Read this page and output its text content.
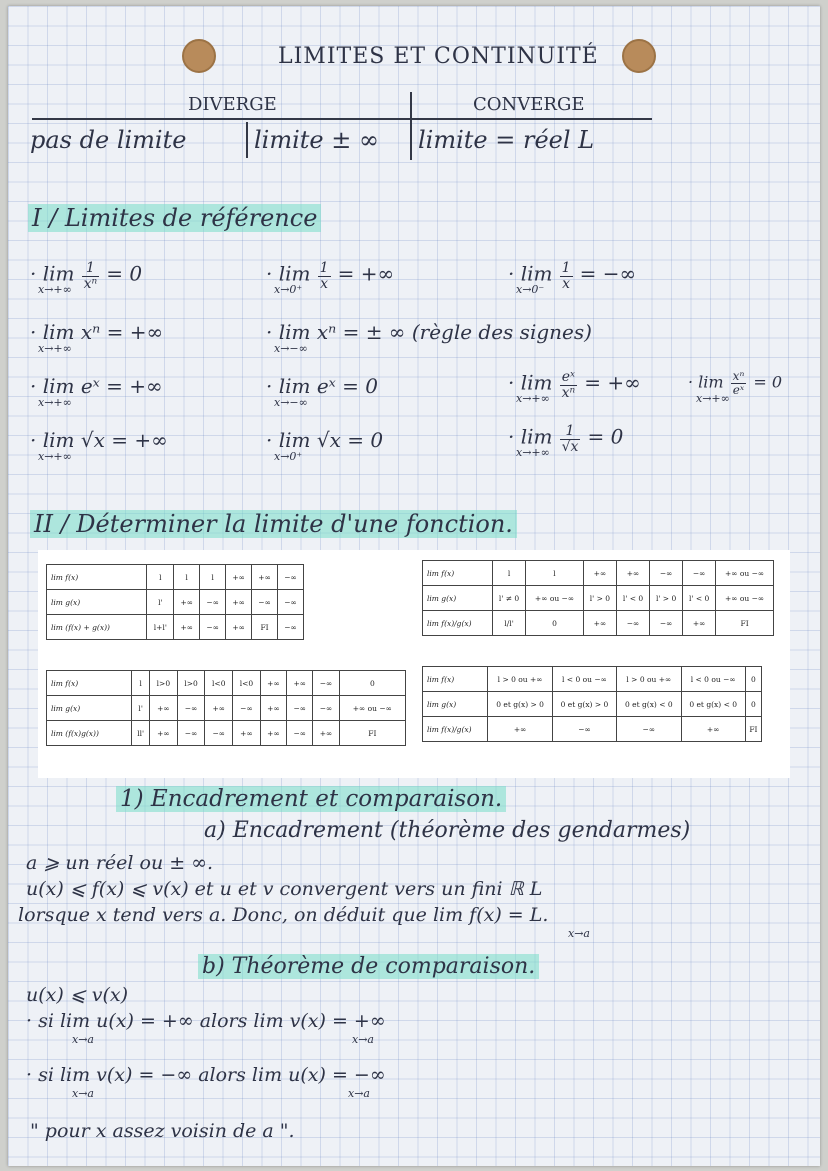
LIMITES ET CONTINUITÉ
DIVERGE	CONVERGE
pas de limite	limite ± ∞ limite = réel L
I / Limites de référence
· $\lim \frac{1}{\text{xⁿ}} = 0$
x→+∞
· $\lim \frac{1}{x}$ = +∞
x→0⁺
· $\lim \frac{1}{x}$ = −∞
x→0⁻
· lim xⁿ = +∞
x→+∞
· lim xⁿ = ± ∞ (règle des signes)
x→−∞
· lim eˣ = +∞
x→+∞
· lim eˣ = 0
x→−∞
· $\lim \frac{\text{eˣ}}{\text{xⁿ}}$ = +∞
x→+∞
· $\lim \frac{\text{xⁿ}}{\text{eˣ}} = 0$
x→+∞
· lim √x = +∞
x→+∞
· lim √x = 0
x→0⁺
· $\lim \frac{1}{√x} = 0$
x→+∞
II / Déterminer la limite d'une fonction.
lim f(x)	l	l	l	+∞	+∞	−∞
lim g(x)	l'	+∞	−∞	+∞	−∞	−∞
lim (f(x) + g(x))	l+l'	+∞	−∞	+∞	FI	−∞
lim f(x)	l	l	+∞	+∞	−∞	−∞	+∞ ou −∞
lim g(x)	l' ≠ 0	+∞ ou −∞	l' > 0	l' < 0	l' > 0	l' < 0	+∞ ou −∞
lim f(x)/g(x)	l/l'	0	+∞	−∞	−∞	+∞	FI
lim f(x)	l	l>0	l>0	l<0	l<0	+∞	+∞	−∞	0
lim g(x)	l'	+∞	−∞	+∞	−∞	+∞	−∞	−∞	+∞ ou −∞
lim (f(x)g(x))	ll'	+∞	−∞	−∞	+∞	+∞	−∞	+∞	FI
lim f(x)	l > 0 ou +∞	l < 0 ou −∞	l > 0 ou +∞	l < 0 ou −∞	0
lim g(x)	0 et g(x) > 0	0 et g(x) > 0	0 et g(x) < 0	0 et g(x) < 0	0
lim f(x)/g(x)	+∞	−∞	−∞	+∞	FI
1) Encadrement et comparaison.
a) Encadrement (théorème des gendarmes)
a ⩾ un réel ou ± ∞.
u(x) ⩽ f(x) ⩽ v(x) et u et v convergent vers un fini ℝ L
lorsque x tend vers a. Donc, on déduit que lim f(x) = L.
x→a
b) Théorème de comparaison.
u(x) ⩽ v(x)
· si lim u(x) = +∞ alors lim v(x) = +∞
x→a	x→a
· si lim v(x) = −∞ alors lim u(x) = −∞
x→a	x→a
" pour x assez voisin de a ".
